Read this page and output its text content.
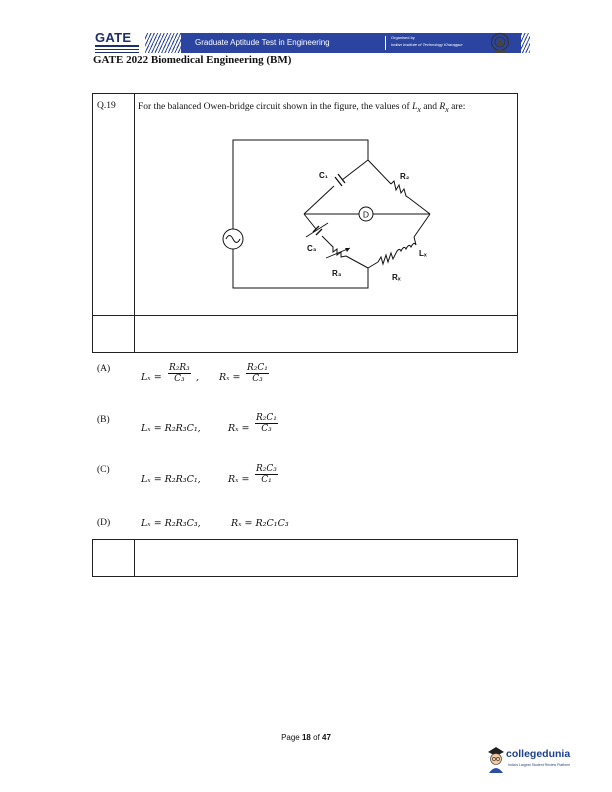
GATE	Graduate Aptitude Test in Engineering
Organised by
Indian Institute of Technology Kharagpur
GATE 2022 Biomedical Engineering (BM)
Q.19 For the balanced Owen-bridge circuit shown in the figure, the values of $L_x$ and $R_x$ are:
D
C₁	R₂
C₃
R₃	Rₓ
Lₓ
(A)
$L_x = \frac{\text{R₂R₃}}{\text{C₃}}$ , $R_x = \frac{\text{R₂C₁}}{\text{C₃}}$
(B)
Lₓ = R₂R₃C₁,	$R_x = \frac{\text{R₂C₁}}{\text{C₃}}$
(C)
Lₓ = R₂R₃C₁,	$R_x = \frac{\text{R₂C₃}}{\text{C₁}}$
(D)	Lₓ = R₂R₃C₃,	Rₓ = R₂C₁C₃
Page 18 of 47
collegedunia
India's Largest Student Review Platform
